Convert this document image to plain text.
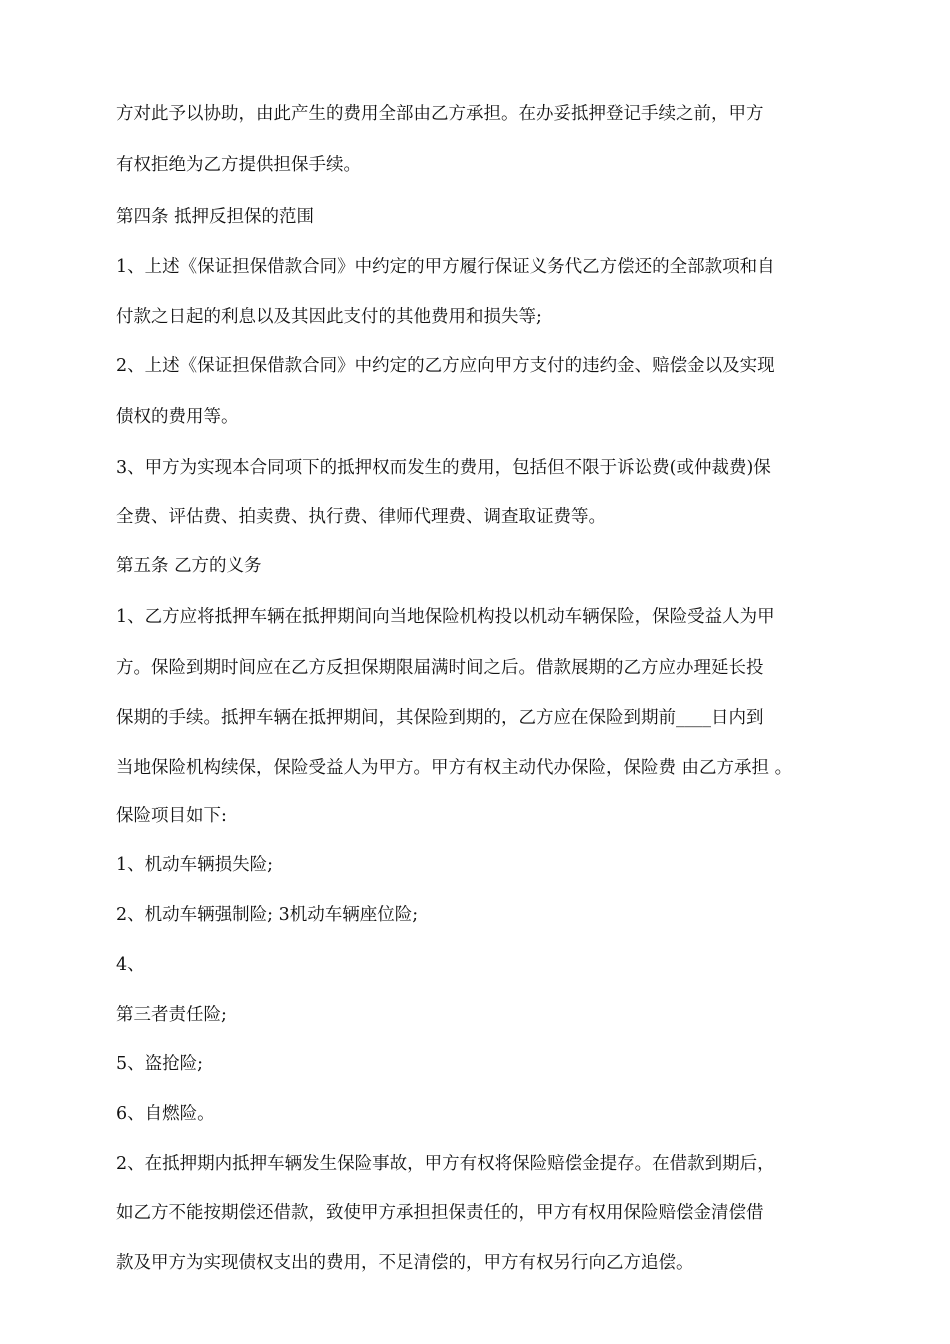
方对此予以协助，由此产生的费用全部由乙方承担。在办妥抵押登记手续之前，甲方

有权拒绝为乙方提供担保手续。

第四条 抵押反担保的范围

1、上述《保证担保借款合同》中约定的甲方履行保证义务代乙方偿还的全部款项和自

付款之日起的利息以及其因此支付的其他费用和损失等;

2、上述《保证担保借款合同》中约定的乙方应向甲方支付的违约金、赔偿金以及实现

债权的费用等。

3、甲方为实现本合同项下的抵押权而发生的费用，包括但不限于诉讼费(或仲裁费)保

全费、评估费、拍卖费、执行费、律师代理费、调查取证费等。

第五条 乙方的义务

1、乙方应将抵押车辆在抵押期间向当地保险机构投以机动车辆保险，保险受益人为甲

方。保险到期时间应在乙方反担保期限届满时间之后。借款展期的乙方应办理延长投

保期的手续。抵押车辆在抵押期间，其保险到期的，乙方应在保险到期前____日内到

当地保险机构续保，保险受益人为甲方。甲方有权主动代办保险，保险费 由乙方承担 。

保险项目如下:

1、机动车辆损失险;

2、机动车辆强制险; 3机动车辆座位险;

4、

第三者责任险;

5、盗抢险;

6、自燃险。

2、在抵押期内抵押车辆发生保险事故，甲方有权将保险赔偿金提存。在借款到期后，

如乙方不能按期偿还借款，致使甲方承担担保责任的，甲方有权用保险赔偿金清偿借

款及甲方为实现债权支出的费用，不足清偿的，甲方有权另行向乙方追偿。
